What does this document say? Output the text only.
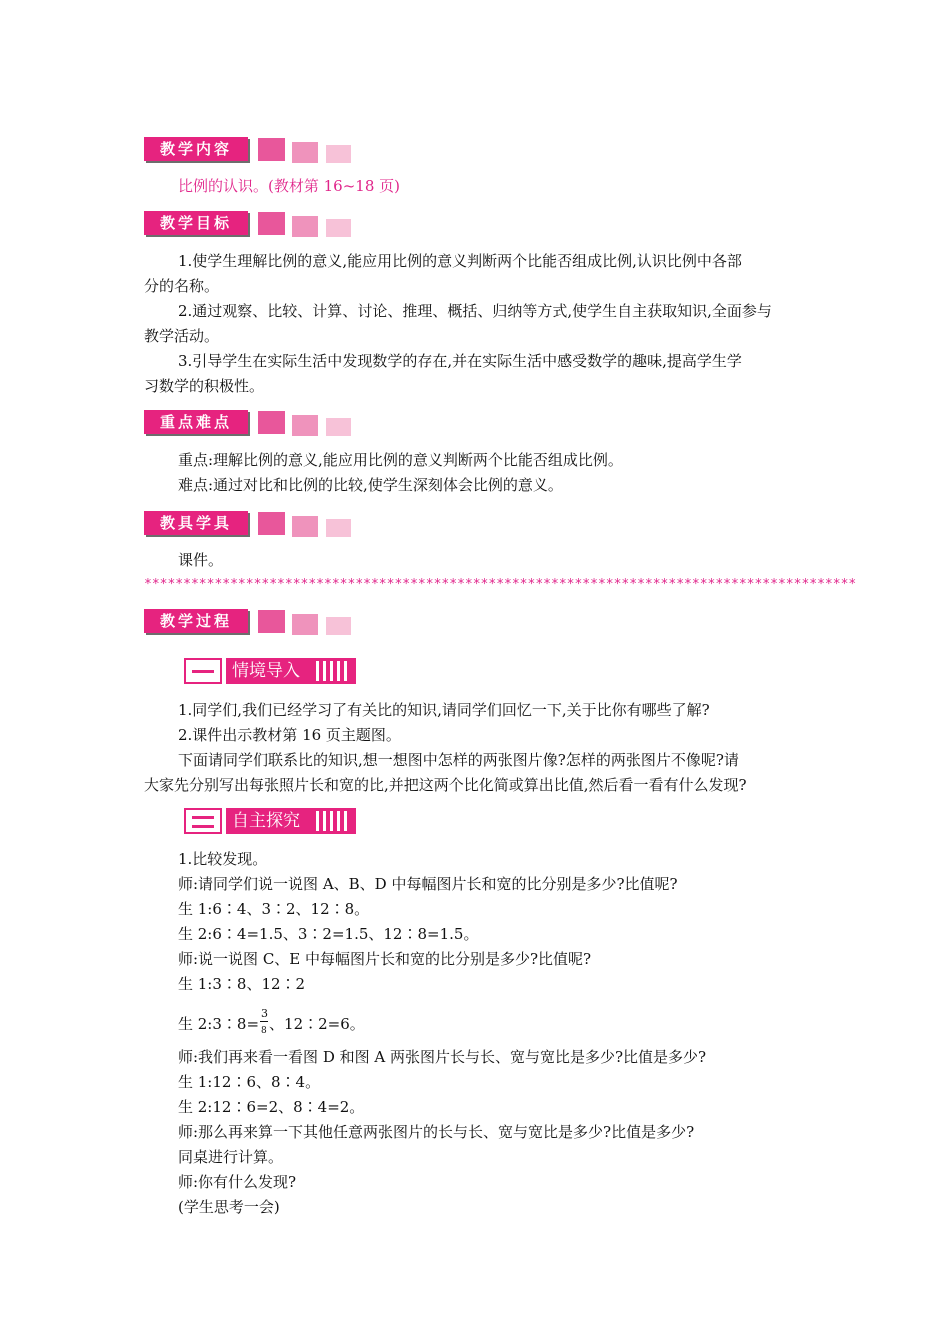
教学内容
比例的认识。(教材第 16~18 页)
教学目标
1.使学生理解比例的意义,能应用比例的意义判断两个比能否组成比例,认识比例中各部
分的名称。
2.通过观察、比较、计算、讨论、推理、概括、归纳等方式,使学生自主获取知识,全面参与
教学活动。
3.引导学生在实际生活中发现数学的存在,并在实际生活中感受数学的趣味,提高学生学
习数学的积极性。
重点难点
重点:理解比例的意义,能应用比例的意义判断两个比能否组成比例。
难点:通过对比和比例的比较,使学生深刻体会比例的意义。
教具学具
课件。
*******************************************************************************************
教学过程
情境导入
1.同学们,我们已经学习了有关比的知识,请同学们回忆一下,关于比你有哪些了解?
2.课件出示教材第 16 页主题图。
下面请同学们联系比的知识,想一想图中怎样的两张图片像?怎样的两张图片不像呢?请
大家先分别写出每张照片长和宽的比,并把这两个比化简或算出比值,然后看一看有什么发现?
自主探究
1.比较发现。
师:请同学们说一说图 A、B、D 中每幅图片长和宽的比分别是多少?比值呢?
生 1:6∶4、3∶2、12∶8。
生 2:6∶4=1.5、3∶2=1.5、12∶8=1.5。
师:说一说图 C、E 中每幅图片长和宽的比分别是多少?比值呢?
生 1:3∶8、12∶2
生 2:3∶8= $\frac{3}{8}$ 、12∶2=6。
师:我们再来看一看图 D 和图 A 两张图片长与长、宽与宽比是多少?比值是多少?
生 1:12∶6、8∶4。
生 2:12∶6=2、8∶4=2。
师:那么再来算一下其他任意两张图片的长与长、宽与宽比是多少?比值是多少?
同桌进行计算。
师:你有什么发现?
(学生思考一会)
